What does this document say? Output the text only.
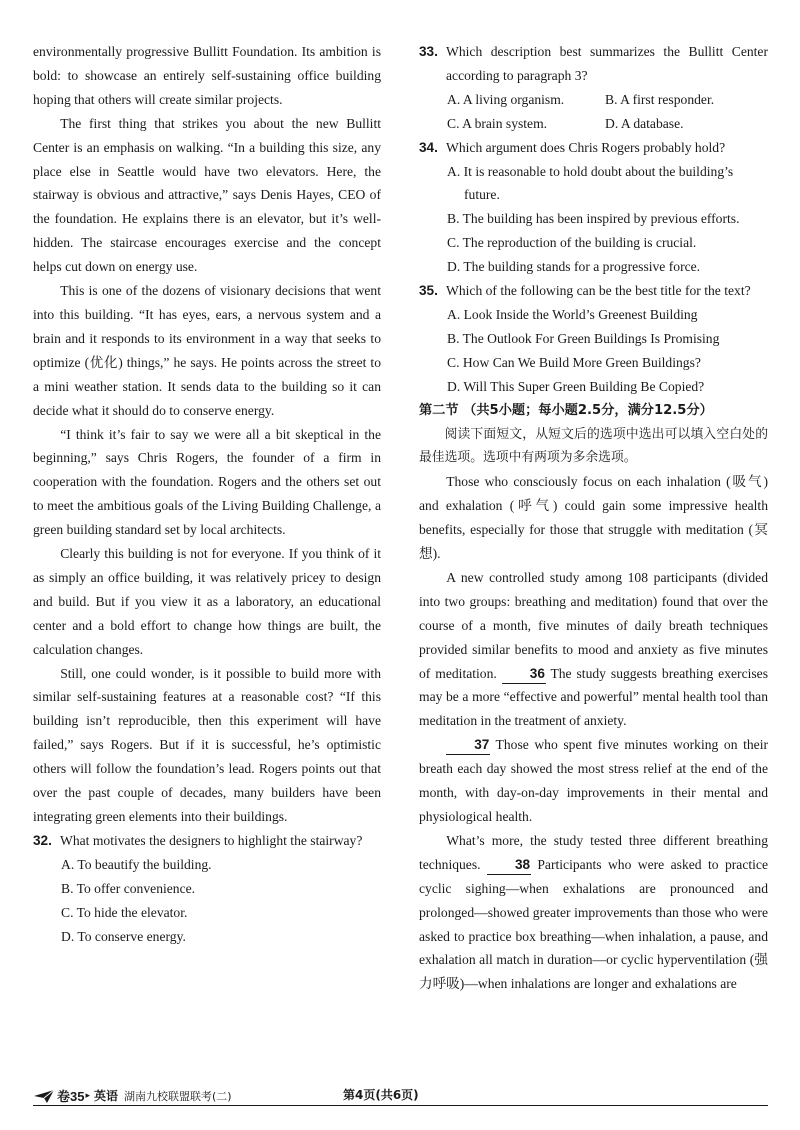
environmentally progressive Bullitt Foundation. Its ambition is bold: to showcase an entirely self-sustaining office building hoping that others will create similar projects.

The first thing that strikes you about the new Bullitt Center is an emphasis on walking. “In a building this size, any place else in Seattle would have two elevators. Here, the stairway is obvious and attractive,” says Denis Hayes, CEO of the foundation. He explains there is an elevator, but it’s well-hidden. The staircase encourages exercise and the concept helps cut down on energy use.

This is one of the dozens of visionary decisions that went into this building. “It has eyes, ears, a nervous system and a brain and it responds to its environment in a way that seeks to optimize (优化) things,” he says. He points across the street to a mini weather station. It sends data to the building so it can decide what it should do to conserve energy.

“I think it’s fair to say we were all a bit skeptical in the beginning,” says Chris Rogers, the founder of a firm in cooperation with the foundation. Rogers and the others set out to meet the ambitious goals of the Living Building Challenge, a green building standard set by local architects.

Clearly this building is not for everyone. If you think of it as simply an office building, it was relatively pricey to design and build. But if you view it as a laboratory, an educational center and a bold effort to change how things are built, the calculation changes.

Still, one could wonder, is it possible to build more with similar self-sustaining features at a reasonable cost? “If this building isn’t reproducible, then this experiment will have failed,” says Rogers. But if it is successful, he’s optimistic others will follow the foundation’s lead. Rogers points out that over the past couple of decades, many builders have been integrating green elements into their buildings.

32. What motivates the designers to highlight the stairway?
A. To beautify the building.
B. To offer convenience.
C. To hide the elevator.
D. To conserve energy.
33. Which description best summarizes the Bullitt Center according to paragraph 3?
A. A living organism.	B. A first responder.
C. A brain system.	D. A database.
34. Which argument does Chris Rogers probably hold?
A. It is reasonable to hold doubt about the building’s future.
B. The building has been inspired by previous efforts.
C. The reproduction of the building is crucial.
D. The building stands for a progressive force.
35. Which of the following can be the best title for the text?
A. Look Inside the World’s Greenest Building
B. The Outlook For Green Buildings Is Promising
C. How Can We Build More Green Buildings?
D. Will This Super Green Building Be Copied?

第二节 （共5小题；每小题2.5分，满分12.5分）

阅读下面短文，从短文后的选项中选出可以填入空白处的最佳选项。选项中有两项为多余选项。

Those who consciously focus on each inhalation (吸气) and exhalation (呼气) could gain some impressive health benefits, especially for those that struggle with meditation (冥想).

A new controlled study among 108 participants (divided into two groups: breathing and meditation) found that over the course of a month, five minutes of daily breath techniques provided similar benefits to mood and anxiety as five minutes of meditation. 36 The study suggests breathing exercises may be a more “effective and powerful” mental health tool than meditation in the treatment of anxiety.

37 Those who spent five minutes working on their breath each day showed the most stress relief at the end of the month, with day-on-day improvements in their mental and physiological health.

What’s more, the study tested three different breathing techniques.	38 Participants who were asked to practice cyclic sighing—when exhalations are pronounced and prolonged—showed greater improvements than those who were asked to practice box breathing—when inhalation, a pause, and exhalation all match in duration—or cyclic hyperventilation (强力呼吸)—when inhalations are longer and exhalations are

卷35 ▸ 英语 湖南九校联盟联考(二)	第4页(共6页)
